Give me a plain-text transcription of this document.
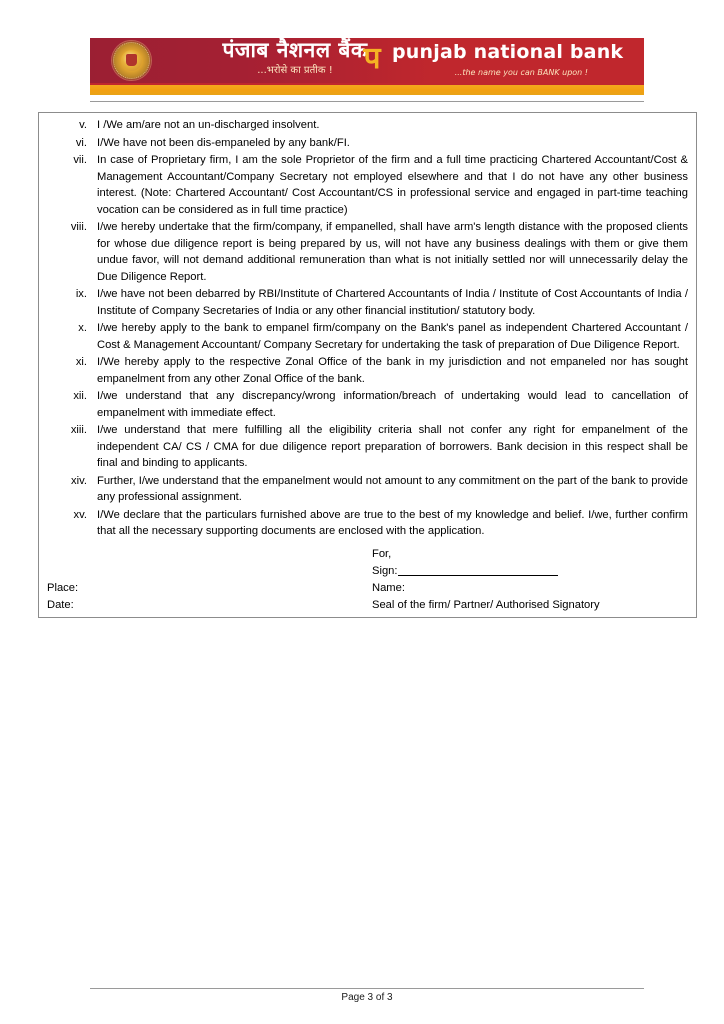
पंजाब नैशनल बैंक
...भरोसे का प्रतीक !	प punjab national bank
...the name you can BANK upon !
v. I /We am/are not an un-discharged insolvent.
vi. I/We have not been dis-empaneled by any bank/FI.
vii. In case of Proprietary firm, I am the sole Proprietor of the firm and a full time practicing Chartered Accountant/Cost & Management Accountant/Company Secretary not employed elsewhere and that I do not have any other business interest. (Note: Chartered Accountant/ Cost Accountant/CS in professional service and engaged in part-time teaching vocation can be considered as in full time practice)
viii. I/we hereby undertake that the firm/company, if empanelled, shall have arm's length distance with the proposed clients for whose due diligence report is being prepared by us, will not have any business dealings with them or give them undue favor, will not demand additional remuneration than what is not initially settled nor will unnecessarily delay the Due Diligence Report.
ix. I/we have not been debarred by RBI/Institute of Chartered Accountants of India / Institute of Cost Accountants of India / Institute of Company Secretaries of India or any other financial institution/ statutory body.
x. I/we hereby apply to the bank to empanel firm/company on the Bank's panel as independent Chartered Accountant / Cost & Management Accountant/ Company Secretary for undertaking the task of preparation of Due Diligence Report.
xi. I/We hereby apply to the respective Zonal Office of the bank in my jurisdiction and not empaneled nor has sought empanelment from any other Zonal Office of the bank.
xii. I/we understand that any discrepancy/wrong information/breach of undertaking would lead to cancellation of empanelment with immediate effect.
xiii. I/we understand that mere fulfilling all the eligibility criteria shall not confer any right for empanelment of the independent CA/ CS / CMA for due diligence report preparation of borrowers. Bank decision in this respect shall be final and binding to applicants.
xiv. Further, I/we understand that the empanelment would not amount to any commitment on the part of the bank to provide any professional assignment.
xv. I/We declare that the particulars furnished above are true to the best of my knowledge and belief. I/we, further confirm that all the necessary supporting documents are enclosed with the application.

For,

Sign:
Place:	Name:
Date:	Seal of the firm/ Partner/ Authorised Signatory
Page 3 of 3
